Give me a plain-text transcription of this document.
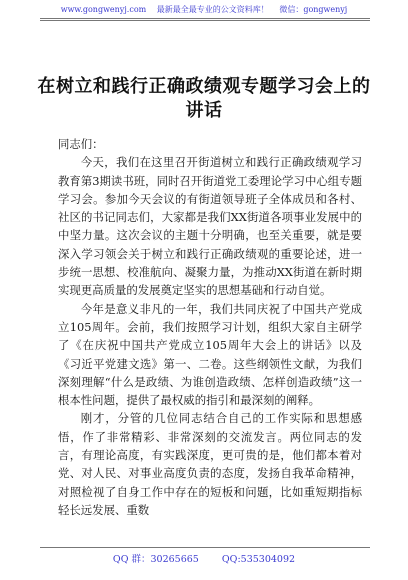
www.gongwenyj.com 最新最全最专业的公文资料库！ 微信：gongwenyj
在树立和践行正确政绩观专题学习会上的
讲话

同志们：

今天，我们在这里召开街道树立和践行正确政绩观学习教育第3期读书班，同时召开街道党工委理论学习中心组专题学习会。参加今天会议的有街道领导班子全体成员和各村、社区的书记同志们，大家都是我们XX街道各项事业发展中的中坚力量。这次会议的主题十分明确，也至关重要，就是要深入学习领会关于树立和践行正确政绩观的重要论述，进一步统一思想、校准航向、凝聚力量，为推动XX街道在新时期实现更高质量的发展奠定坚实的思想基础和行动自觉。

今年是意义非凡的一年，我们共同庆祝了中国共产党成立105周年。会前，我们按照学习计划，组织大家自主研学了《在庆祝中国共产党成立105周年大会上的讲话》以及《习近平党建文选》第一、二卷。这些纲领性文献，为我们深刻理解“什么是政绩、为谁创造政绩、怎样创造政绩”这一根本性问题，提供了最权威的指引和最深刻的阐释。

刚才，分管的几位同志结合自己的工作实际和思想感悟，作了非常精彩、非常深刻的交流发言。两位同志的发言，有理论高度，有实践深度，更可贵的是，他们都本着对党、对人民、对事业高度负责的态度，发扬自我革命精神，对照检视了自身工作中存在的短板和问题，比如重短期指标轻长远发展、重数

QQ 群：30265665 QQ:535304092
